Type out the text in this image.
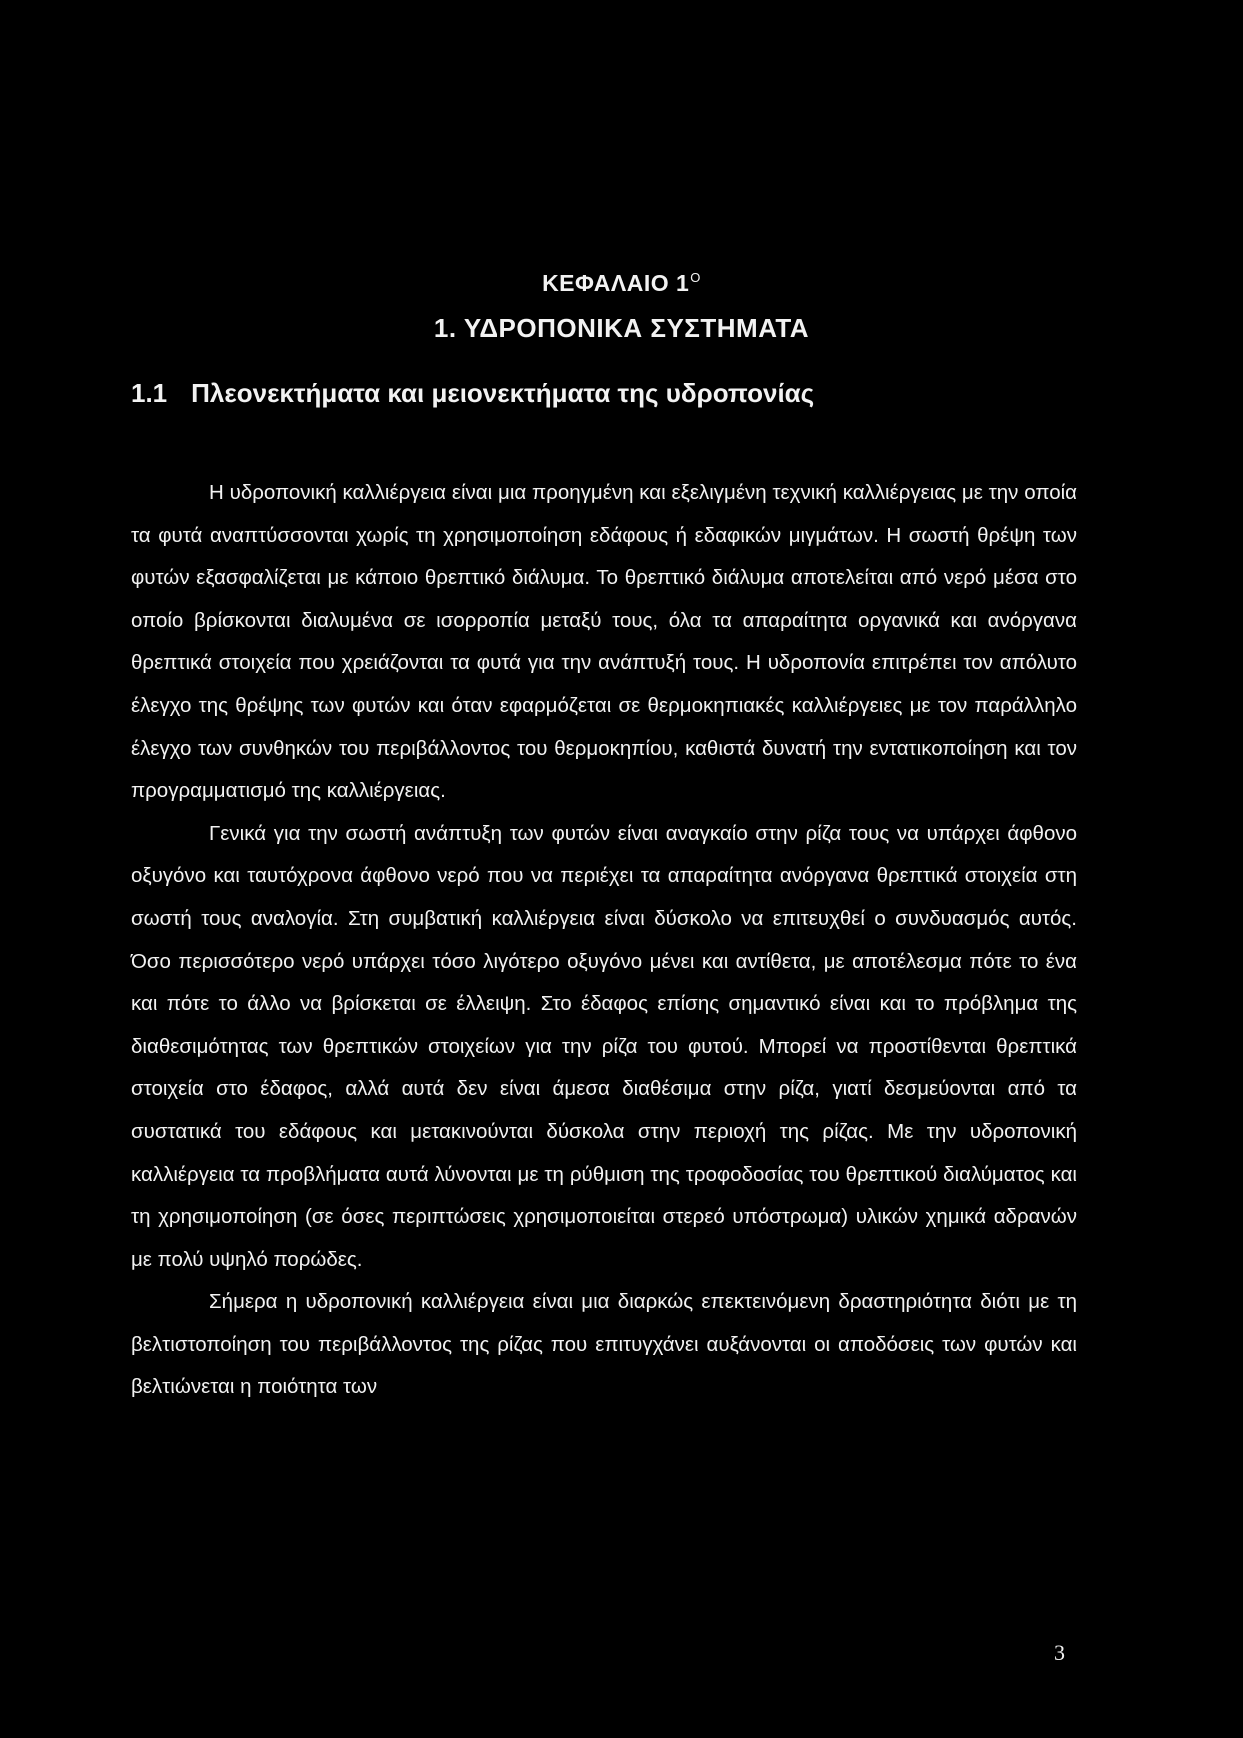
ΚΕΦΑΛΑΙΟ $1^O$
1. ΥΔΡΟΠΟΝΙΚΑ ΣΥΣΤΗΜΑΤΑ
1.1 Πλεονεκτήματα και μειονεκτήματα της υδροπονίας

Η υδροπονική καλλιέργεια είναι μια προηγμένη και εξελιγμένη τεχνική καλλιέργειας με την οποία τα φυτά αναπτύσσονται χωρίς τη χρησιμοποίηση εδάφους ή εδαφικών μιγμάτων. Η σωστή θρέψη των φυτών εξασφαλίζεται με κάποιο θρεπτικό διάλυμα. Το θρεπτικό διάλυμα αποτελείται από νερό μέσα στο οποίο βρίσκονται διαλυμένα σε ισορροπία μεταξύ τους, όλα τα απαραίτητα οργανικά και ανόργανα θρεπτικά στοιχεία που χρειάζονται τα φυτά για την ανάπτυξή τους. Η υδροπονία επιτρέπει τον απόλυτο έλεγχο της θρέψης των φυτών και όταν εφαρμόζεται σε θερμοκηπιακές καλλιέργειες με τον παράλληλο έλεγχο των συνθηκών του περιβάλλοντος του θερμοκηπίου, καθιστά δυνατή την εντατικοποίηση και τον προγραμματισμό της καλλιέργειας.

Γενικά για την σωστή ανάπτυξη των φυτών είναι αναγκαίο στην ρίζα τους να υπάρχει άφθονο οξυγόνο και ταυτόχρονα άφθονο νερό που να περιέχει τα απαραίτητα ανόργανα θρεπτικά στοιχεία στη σωστή τους αναλογία. Στη συμβατική καλλιέργεια είναι δύσκολο να επιτευχθεί ο συνδυασμός αυτός. Όσο περισσότερο νερό υπάρχει τόσο λιγότερο οξυγόνο μένει και αντίθετα, με αποτέλεσμα πότε το ένα και πότε το άλλο να βρίσκεται σε έλλειψη. Στο έδαφος επίσης σημαντικό είναι και το πρόβλημα της διαθεσιμότητας των θρεπτικών στοιχείων για την ρίζα του φυτού. Μπορεί να προστίθενται θρεπτικά στοιχεία στο έδαφος, αλλά αυτά δεν είναι άμεσα διαθέσιμα στην ρίζα, γιατί δεσμεύονται από τα συστατικά του εδάφους και μετακινούνται δύσκολα στην περιοχή της ρίζας. Με την υδροπονική καλλιέργεια τα προβλήματα αυτά λύνονται με τη ρύθμιση της τροφοδοσίας του θρεπτικού διαλύματος και τη χρησιμοποίηση (σε όσες περιπτώσεις χρησιμοποιείται στερεό υπόστρωμα) υλικών χημικά αδρανών με πολύ υψηλό πορώδες.

Σήμερα η υδροπονική καλλιέργεια είναι μια διαρκώς επεκτεινόμενη δραστηριότητα διότι με τη βελτιστοποίηση του περιβάλλοντος της ρίζας που επιτυγχάνει αυξάνονται οι αποδόσεις των φυτών και βελτιώνεται η ποιότητα των

3
